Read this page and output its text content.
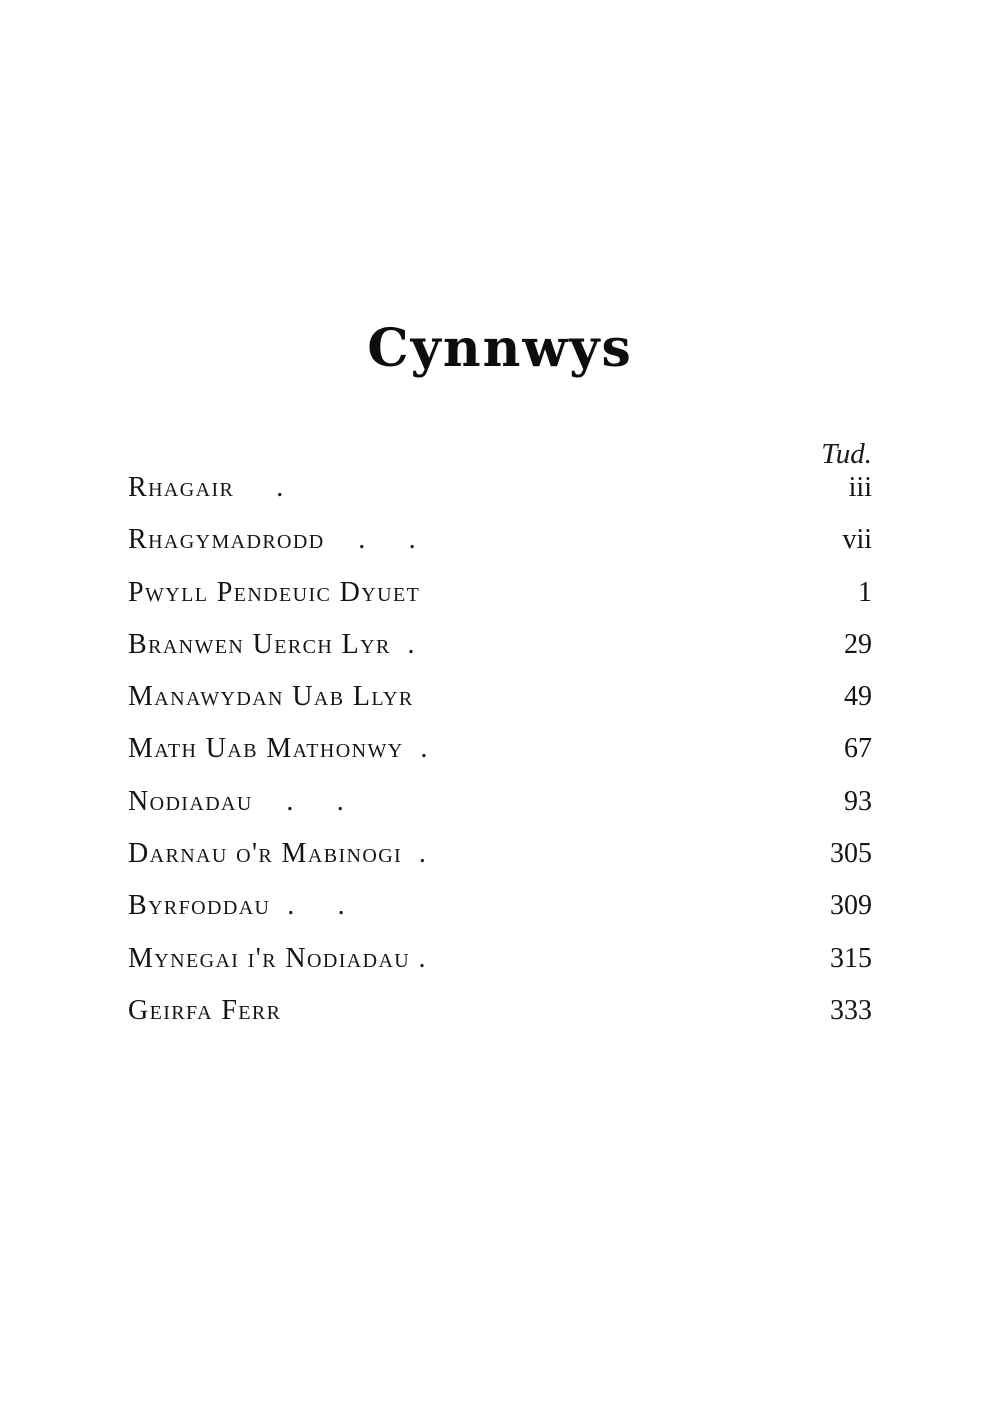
Cynnwys
Tud.
Rhagair     .	iii
Rhagymadrodd    .     .	vii
Pwyll Pendeuic Dyuet	1
Branwen Uerch Lyr  .	29
Manawydan Uab Llyr	49
Math Uab Mathonwy  .	67
Nodiadau    .     .	93
Darnau o'r Mabinogi  .	305
Byrfoddau  .     .	309
Mynegai i'r Nodiadau .	315
Geirfa Ferr	333
